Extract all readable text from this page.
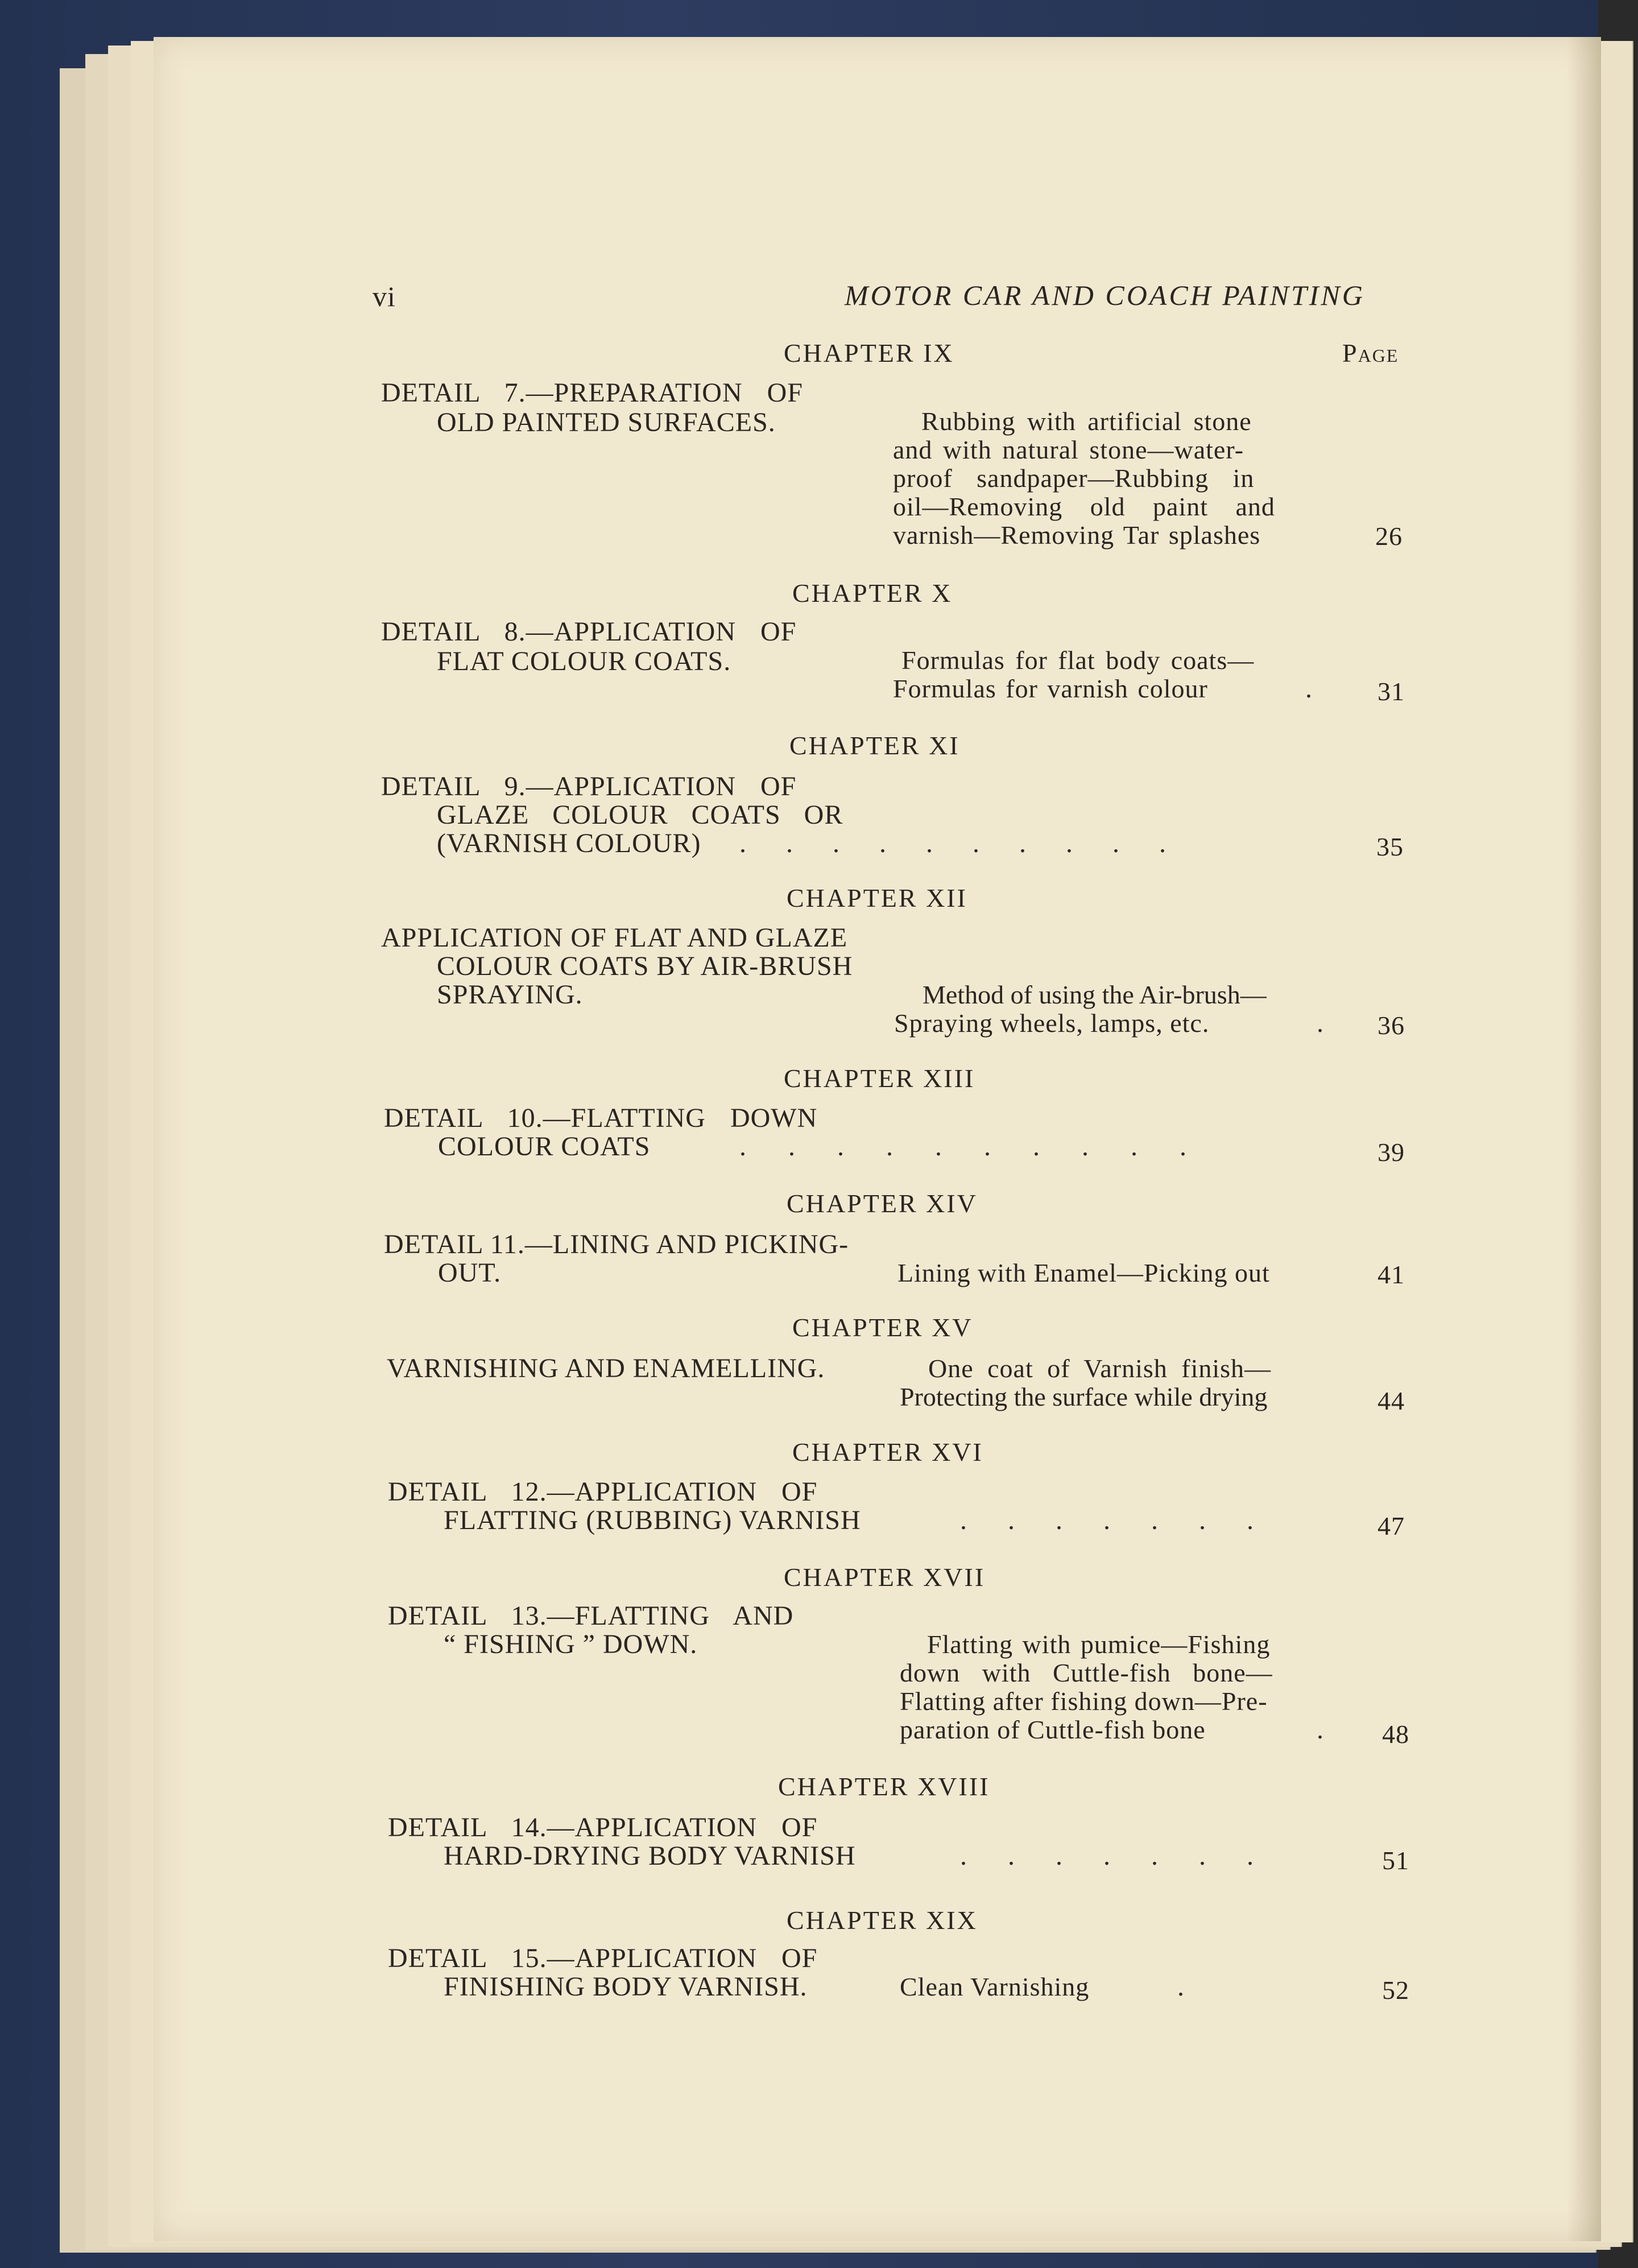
vi	MOTOR CAR AND COACH PAINTING
Page
CHAPTER IX
DETAIL 7.—PREPARATION OF
OLD PAINTED SURFACES.	Rubbing with artificial stone
and with natural stone—water-
proof sandpaper—Rubbing in
oil—Removing old paint and
varnish—Removing Tar splashes	26
CHAPTER X
DETAIL 8.—APPLICATION OF
FLAT COLOUR COATS.	Formulas for flat body coats—
Formulas for varnish colour	. 31
CHAPTER XI
DETAIL 9.—APPLICATION OF
GLAZE COLOUR COATS OR
(VARNISH COLOUR) ..........	35
CHAPTER XII
APPLICATION OF FLAT AND GLAZE
COLOUR COATS BY AIR-BRUSH
SPRAYING.	Method of using the Air-brush—
Spraying wheels, lamps, etc.	. 36
CHAPTER XIII
DETAIL 10.—FLATTING DOWN
COLOUR COATS	..........	39
CHAPTER XIV
DETAIL 11.—LINING AND PICKING-
OUT.	Lining with Enamel—Picking out	41
CHAPTER XV
VARNISHING AND ENAMELLING.	One coat of Varnish finish—
Protecting the surface while drying	44
CHAPTER XVI
DETAIL 12.—APPLICATION OF
FLATTING (RUBBING) VARNISH	.......	47
CHAPTER XVII
DETAIL 13.—FLATTING AND
“ FISHING ” DOWN.	Flatting with pumice—Fishing
down with Cuttle-fish bone—
Flatting after fishing down—Pre-
paration of Cuttle-fish bone	. 48
CHAPTER XVIII
DETAIL 14.—APPLICATION OF
HARD-DRYING BODY VARNISH	.......	51
CHAPTER XIX
DETAIL 15.—APPLICATION OF
FINISHING BODY VARNISH.	Clean Varnishing	.	52
